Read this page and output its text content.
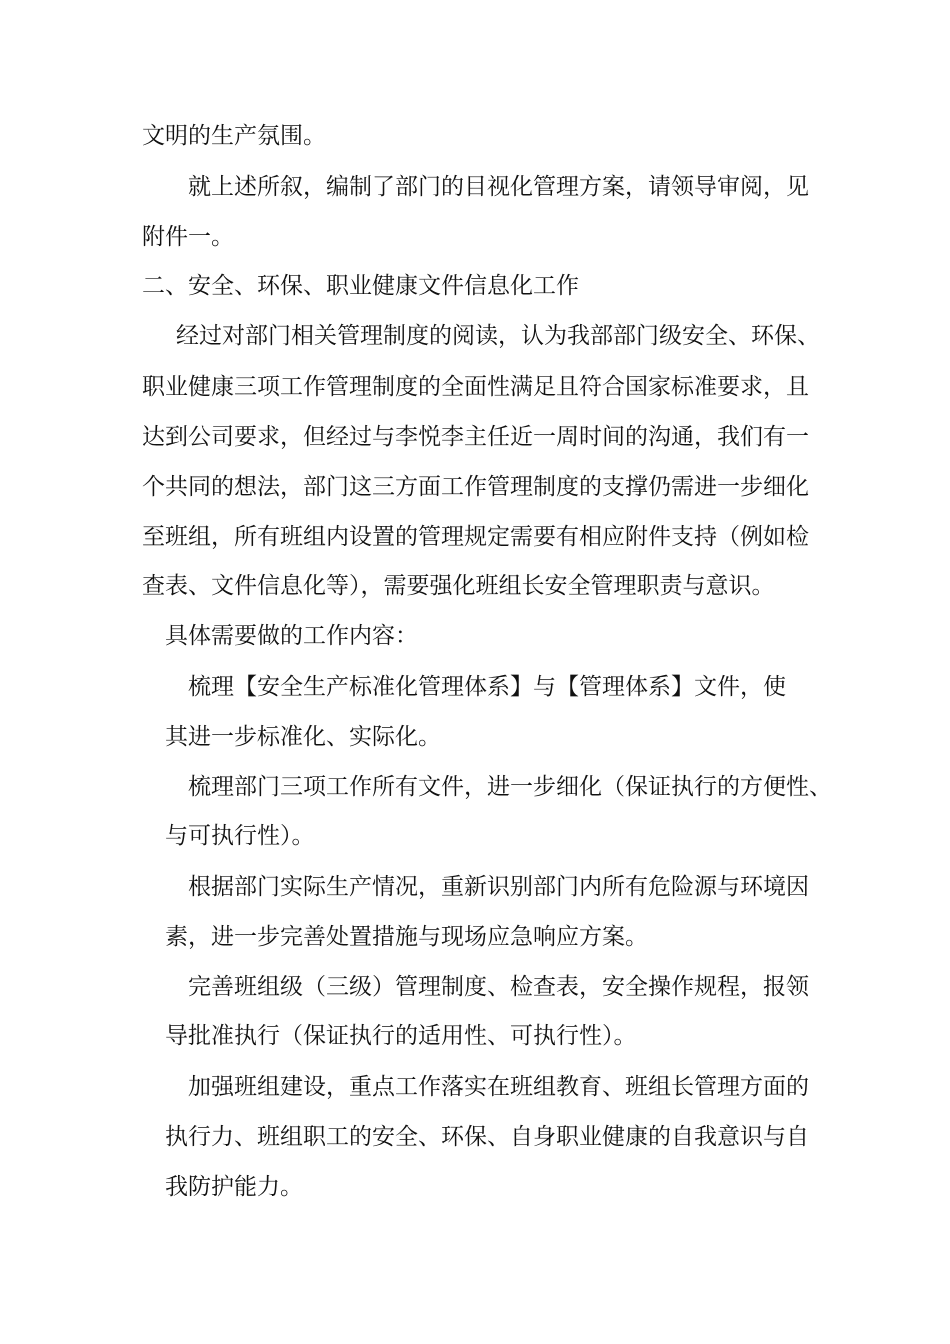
文明的生产氛围。

就上述所叙，编制了部门的目视化管理方案，请领导审阅，见

附件一。

二、安全、环保、职业健康文件信息化工作

经过对部门相关管理制度的阅读，认为我部部门级安全、环保、

职业健康三项工作管理制度的全面性满足且符合国家标准要求，且

达到公司要求，但经过与李悦李主任近一周时间的沟通，我们有一

个共同的想法，部门这三方面工作管理制度的支撑仍需进一步细化

至班组，所有班组内设置的管理规定需要有相应附件支持（例如检

查表、文件信息化等），需要强化班组长安全管理职责与意识。

具体需要做的工作内容：

梳理【安全生产标准化管理体系】与【管理体系】文件，使

其进一步标准化、实际化。

梳理部门三项工作所有文件，进一步细化（保证执行的方便性、

与可执行性）。

根据部门实际生产情况，重新识别部门内所有危险源与环境因

素，进一步完善处置措施与现场应急响应方案。

完善班组级（三级）管理制度、检查表，安全操作规程，报领

导批准执行（保证执行的适用性、可执行性）。

加强班组建设，重点工作落实在班组教育、班组长管理方面的

执行力、班组职工的安全、环保、自身职业健康的自我意识与自

我防护能力。
